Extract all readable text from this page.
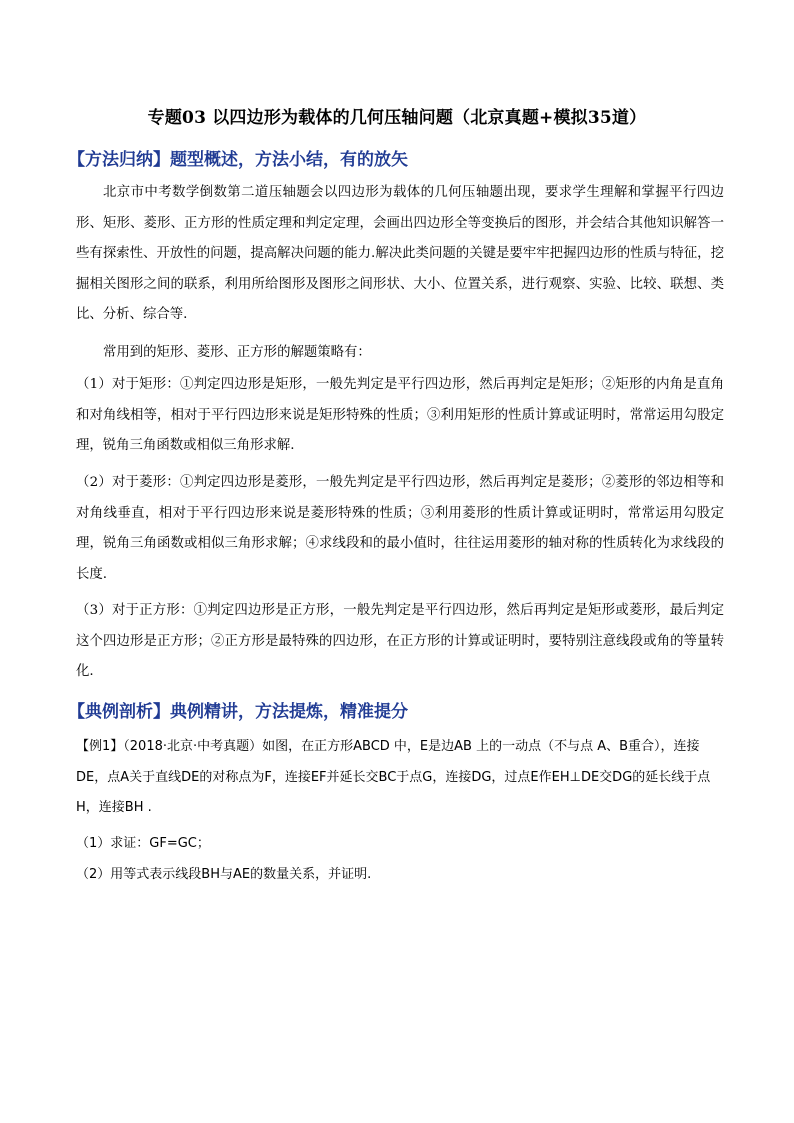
专题03 以四边形为载体的几何压轴问题（北京真题+模拟35道）
【方法归纳】题型概述，方法小结，有的放矢
北京市中考数学倒数第二道压轴题会以四边形为载体的几何压轴题出现，要求学生理解和掌握平行四边形、矩形、菱形、正方形的性质定理和判定定理，会画出四边形全等变换后的图形，并会结合其他知识解答一些有探索性、开放性的问题，提高解决问题的能力.解决此类问题的关键是要牢牢把握四边形的性质与特征，挖掘相关图形之间的联系，利用所给图形及图形之间形状、大小、位置关系，进行观察、实验、比较、联想、类比、分析、综合等.
常用到的矩形、菱形、正方形的解题策略有：
（1）对于矩形：①判定四边形是矩形，一般先判定是平行四边形，然后再判定是矩形；②矩形的内角是直角和对角线相等，相对于平行四边形来说是矩形特殊的性质；③利用矩形的性质计算或证明时，常常运用勾股定理，锐角三角函数或相似三角形求解.
（2）对于菱形：①判定四边形是菱形，一般先判定是平行四边形，然后再判定是菱形；②菱形的邻边相等和对角线垂直，相对于平行四边形来说是菱形特殊的性质；③利用菱形的性质计算或证明时，常常运用勾股定理，锐角三角函数或相似三角形求解；④求线段和的最小值时，往往运用菱形的轴对称的性质转化为求线段的长度.
（3）对于正方形：①判定四边形是正方形，一般先判定是平行四边形，然后再判定是矩形或菱形，最后判定这个四边形是正方形；②正方形是最特殊的四边形，在正方形的计算或证明时，要特别注意线段或角的等量转化.
【典例剖析】典例精讲，方法提炼，精准提分
【例1】（2018·北京·中考真题）如图，在正方形ABCD 中，E是边AB 上的一动点（不与点 A、B重合），连接DE，点A关于直线DE的对称点为F，连接EF并延长交BC于点G，连接DG，过点E作EH⊥DE交DG的延长线于点H，连接BH .
（1）求证：GF=GC；
（2）用等式表示线段BH与AE的数量关系，并证明.
